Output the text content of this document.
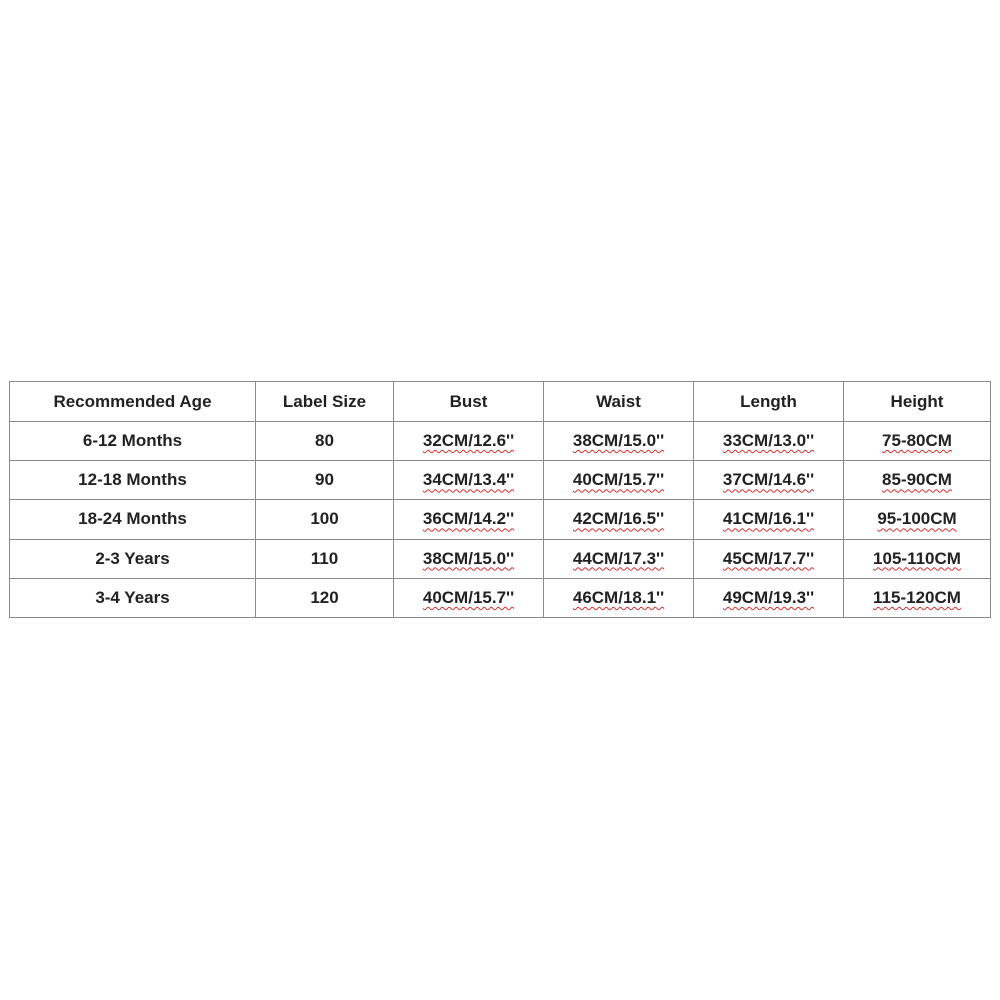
Recommended Age	Label Size	Bust	Waist	Length	Height
6-12 Months	80	32CM/12.6''	38CM/15.0''	33CM/13.0''	75-80CM
12-18 Months	90	34CM/13.4''	40CM/15.7''	37CM/14.6''	85-90CM
18-24 Months	100	36CM/14.2''	42CM/16.5''	41CM/16.1''	95-100CM
2-3 Years	110	38CM/15.0''	44CM/17.3''	45CM/17.7''	105-110CM
3-4 Years	120	40CM/15.7''	46CM/18.1''	49CM/19.3''	115-120CM
